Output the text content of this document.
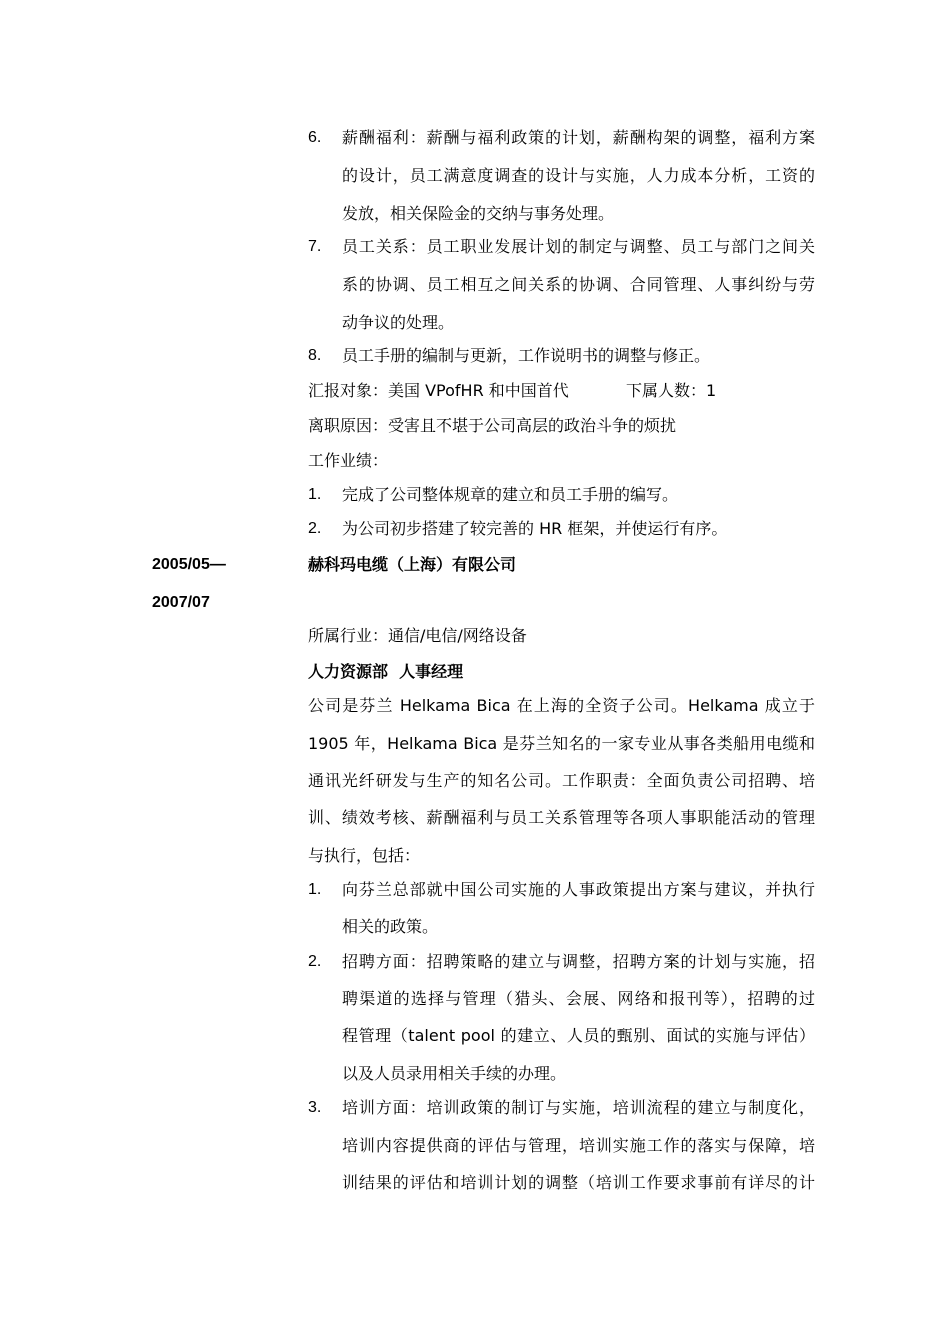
6. 薪酬福利：薪酬与福利政策的计划，薪酬构架的调整，福利方案
的设计，员工满意度调查的设计与实施，人力成本分析，工资的
发放，相关保险金的交纳与事务处理。
7. 员工关系：员工职业发展计划的制定与调整、员工与部门之间关
系的协调、员工相互之间关系的协调、合同管理、人事纠纷与劳
动争议的处理。
8. 员工手册的编制与更新，工作说明书的调整与修正。
汇报对象：美国 VPofHR 和中国首代	下属人数：1
离职原因：受害且不堪于公司高层的政治斗争的烦扰
工作业绩：
1. 完成了公司整体规章的建立和员工手册的编写。
2. 为公司初步搭建了较完善的 HR 框架，并使运行有序。
2005/05—	赫科玛电缆（上海）有限公司
2007/07
所属行业：通信/电信/网络设备
人力资源部  人事经理
公司是芬兰 Helkama Bica 在上海的全资子公司。Helkama 成立于
1905 年，Helkama Bica 是芬兰知名的一家专业从事各类船用电缆和
通讯光纤研发与生产的知名公司。工作职责：全面负责公司招聘、培
训、绩效考核、薪酬福利与员工关系管理等各项人事职能活动的管理
与执行，包括：
1. 向芬兰总部就中国公司实施的人事政策提出方案与建议，并执行
相关的政策。
2. 招聘方面：招聘策略的建立与调整，招聘方案的计划与实施，招
聘渠道的选择与管理（猎头、会展、网络和报刊等），招聘的过
程管理（talent pool 的建立、人员的甄别、面试的实施与评估）
以及人员录用相关手续的办理。
3. 培训方面：培训政策的制订与实施，培训流程的建立与制度化，
培训内容提供商的评估与管理，培训实施工作的落实与保障，培
训结果的评估和培训计划的调整（培训工作要求事前有详尽的计
